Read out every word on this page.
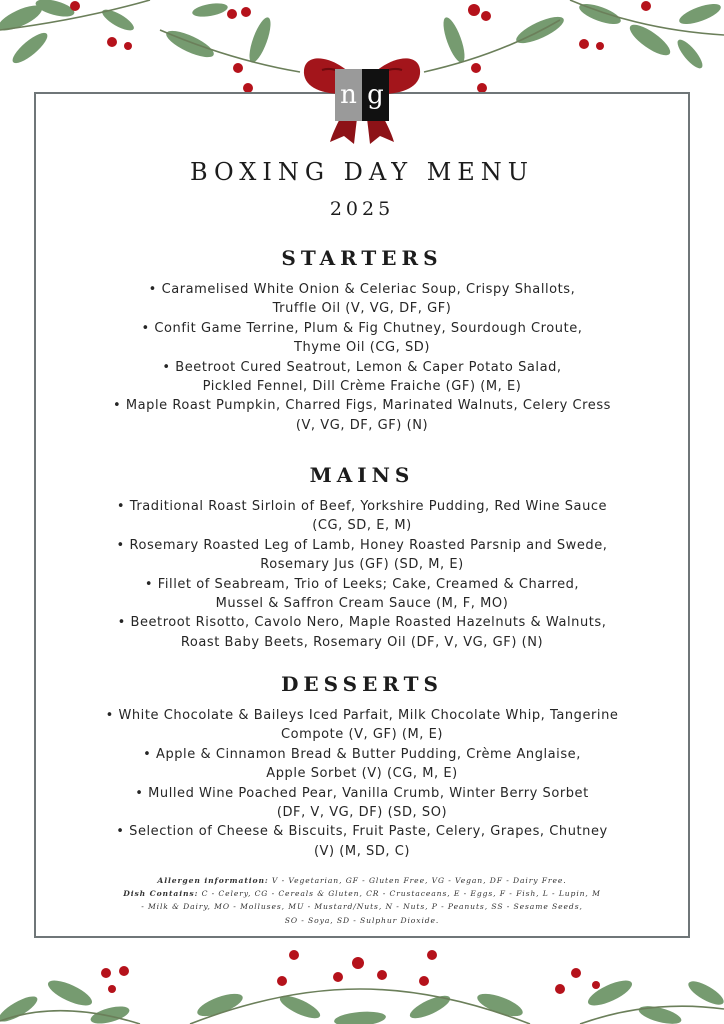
n g
BOXING DAY MENU
2025
STARTERS
• Caramelised White Onion & Celeriac Soup, Crispy Shallots,
Truffle Oil (V, VG, DF, GF)
• Confit Game Terrine, Plum & Fig Chutney, Sourdough Croute,
Thyme Oil (CG, SD)
• Beetroot Cured Seatrout, Lemon & Caper Potato Salad,
Pickled Fennel, Dill Crème Fraiche (GF) (M, E)
• Maple Roast Pumpkin, Charred Figs, Marinated Walnuts, Celery Cress
(V, VG, DF, GF) (N)
MAINS
• Traditional Roast Sirloin of Beef, Yorkshire Pudding, Red Wine Sauce
(CG, SD, E, M)
• Rosemary Roasted Leg of Lamb, Honey Roasted Parsnip and Swede,
Rosemary Jus (GF) (SD, M, E)
• Fillet of Seabream, Trio of Leeks; Cake, Creamed & Charred,
Mussel & Saffron Cream Sauce (M, F, MO)
• Beetroot Risotto, Cavolo Nero, Maple Roasted Hazelnuts & Walnuts,
Roast Baby Beets, Rosemary Oil (DF, V, VG, GF) (N)
DESSERTS
• White Chocolate & Baileys Iced Parfait, Milk Chocolate Whip, Tangerine
Compote (V, GF) (M, E)
• Apple & Cinnamon Bread & Butter Pudding, Crème Anglaise,
Apple Sorbet (V) (CG, M, E)
• Mulled Wine Poached Pear, Vanilla Crumb, Winter Berry Sorbet
(DF, V, VG, DF) (SD, SO)
• Selection of Cheese & Biscuits, Fruit Paste, Celery, Grapes, Chutney
(V) (M, SD, C)
Allergen information: V - Vegetarian, GF - Gluten Free, VG - Vegan, DF - Dairy Free.
Dish Contains: C - Celery, CG - Cereals & Gluten, CR - Crustaceans, E - Eggs, F - Fish, L - Lupin, M
- Milk & Dairy, MO - Molluses, MU - Mustard/Nuts, N - Nuts, P - Peanuts, SS - Sesame Seeds,
SO - Soya, SD - Sulphur Dioxide.
